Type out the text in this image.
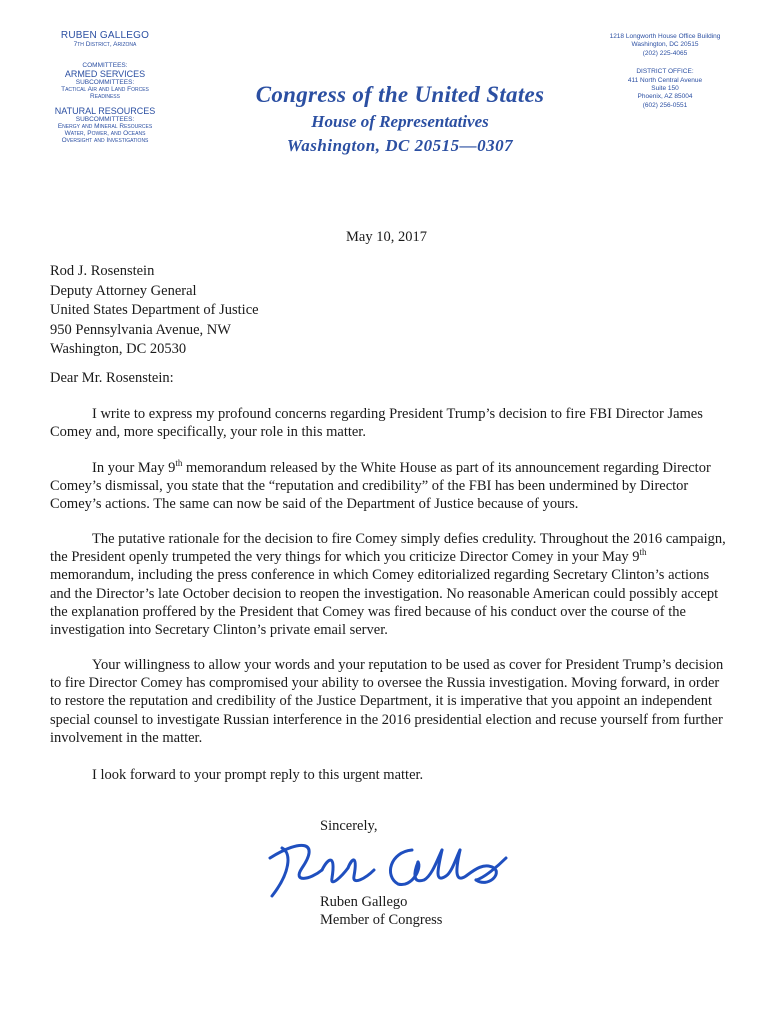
RUBEN GALLEGO
7th District, Arizona
COMMITTEES:
ARMED SERVICES
SUBCOMMITTEES:
Tactical Air and Land Forces
Readiness
NATURAL RESOURCES
SUBCOMMITTEES:
Energy and Mineral Resources
Water, Power, and Oceans
Oversight and Investigations
Congress of the United States
House of Representatives
Washington, DC 20515—0307
1218 Longworth House Office Building
Washington, DC 20515
(202) 225-4065
DISTRICT OFFICE:
411 North Central Avenue
Suite 150
Phoenix, AZ 85004
(602) 256-0551
May 10, 2017
Rod J. Rosenstein
Deputy Attorney General
United States Department of Justice
950 Pennsylvania Avenue, NW
Washington, DC 20530
Dear Mr. Rosenstein:
I write to express my profound concerns regarding President Trump’s decision to fire FBI Director James Comey and, more specifically, your role in this matter.
In your May 9th memorandum released by the White House as part of its announcement regarding Director Comey’s dismissal, you state that the “reputation and credibility” of the FBI has been undermined by Director Comey’s actions. The same can now be said of the Department of Justice because of yours.
The putative rationale for the decision to fire Comey simply defies credulity. Throughout the 2016 campaign, the President openly trumpeted the very things for which you criticize Director Comey in your May 9th memorandum, including the press conference in which Comey editorialized regarding Secretary Clinton’s actions and the Director’s late October decision to reopen the investigation. No reasonable American could possibly accept the explanation proffered by the President that Comey was fired because of his conduct over the course of the investigation into Secretary Clinton’s private email server.
Your willingness to allow your words and your reputation to be used as cover for President Trump’s decision to fire Director Comey has compromised your ability to oversee the Russia investigation. Moving forward, in order to restore the reputation and credibility of the Justice Department, it is imperative that you appoint an independent special counsel to investigate Russian interference in the 2016 presidential election and recuse yourself from further involvement in the matter.
I look forward to your prompt reply to this urgent matter.
Sincerely,
Ruben Gallego
Member of Congress
